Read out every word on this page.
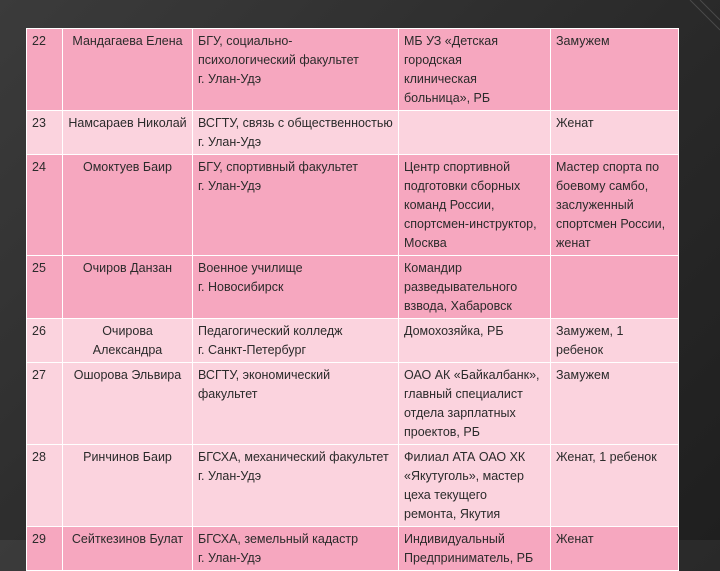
22	Мандагаева Елена	БГУ, социально-
психологический факультет
г. Улан-Удэ	МБ УЗ «Детская
городская
клиническая
больница», РБ	Замужем

23	Намсараев Николай	ВСГТУ, связь с общественностью
г. Улан-Удэ		Женат

24	Омоктуев Баир	БГУ, спортивный факультет
г. Улан-Удэ	Центр спортивной
подготовки сборных
команд России,
спортсмен-инструктор,
Москва	Мастер спорта по
боевому самбо,
заслуженный
спортсмен России,
женат

25	Очиров Данзан	Военное училище
г. Новосибирск	Командир
разведывательного
взвода, Хабаровск	

26	Очирова
Александра	Педагогический колледж
г. Санкт-Петербург	Домохозяйка, РБ	Замужем, 1
ребенок

27	Ошорова Эльвира	ВСГТУ, экономический
факультет	ОАО АК «Байкалбанк»,
главный специалист
отдела зарплатных
проектов, РБ	Замужем

28	Ринчинов Баир	БГСХА, механический факультет
г. Улан-Удэ	Филиал АТА ОАО ХК
«Якутуголь», мастер
цеха текущего
ремонта, Якутия	Женат, 1 ребенок

29	Сейткезинов Булат	БГСХА, земельный кадастр
г. Улан-Удэ	Индивидуальный
Предприниматель, РБ	Женат
